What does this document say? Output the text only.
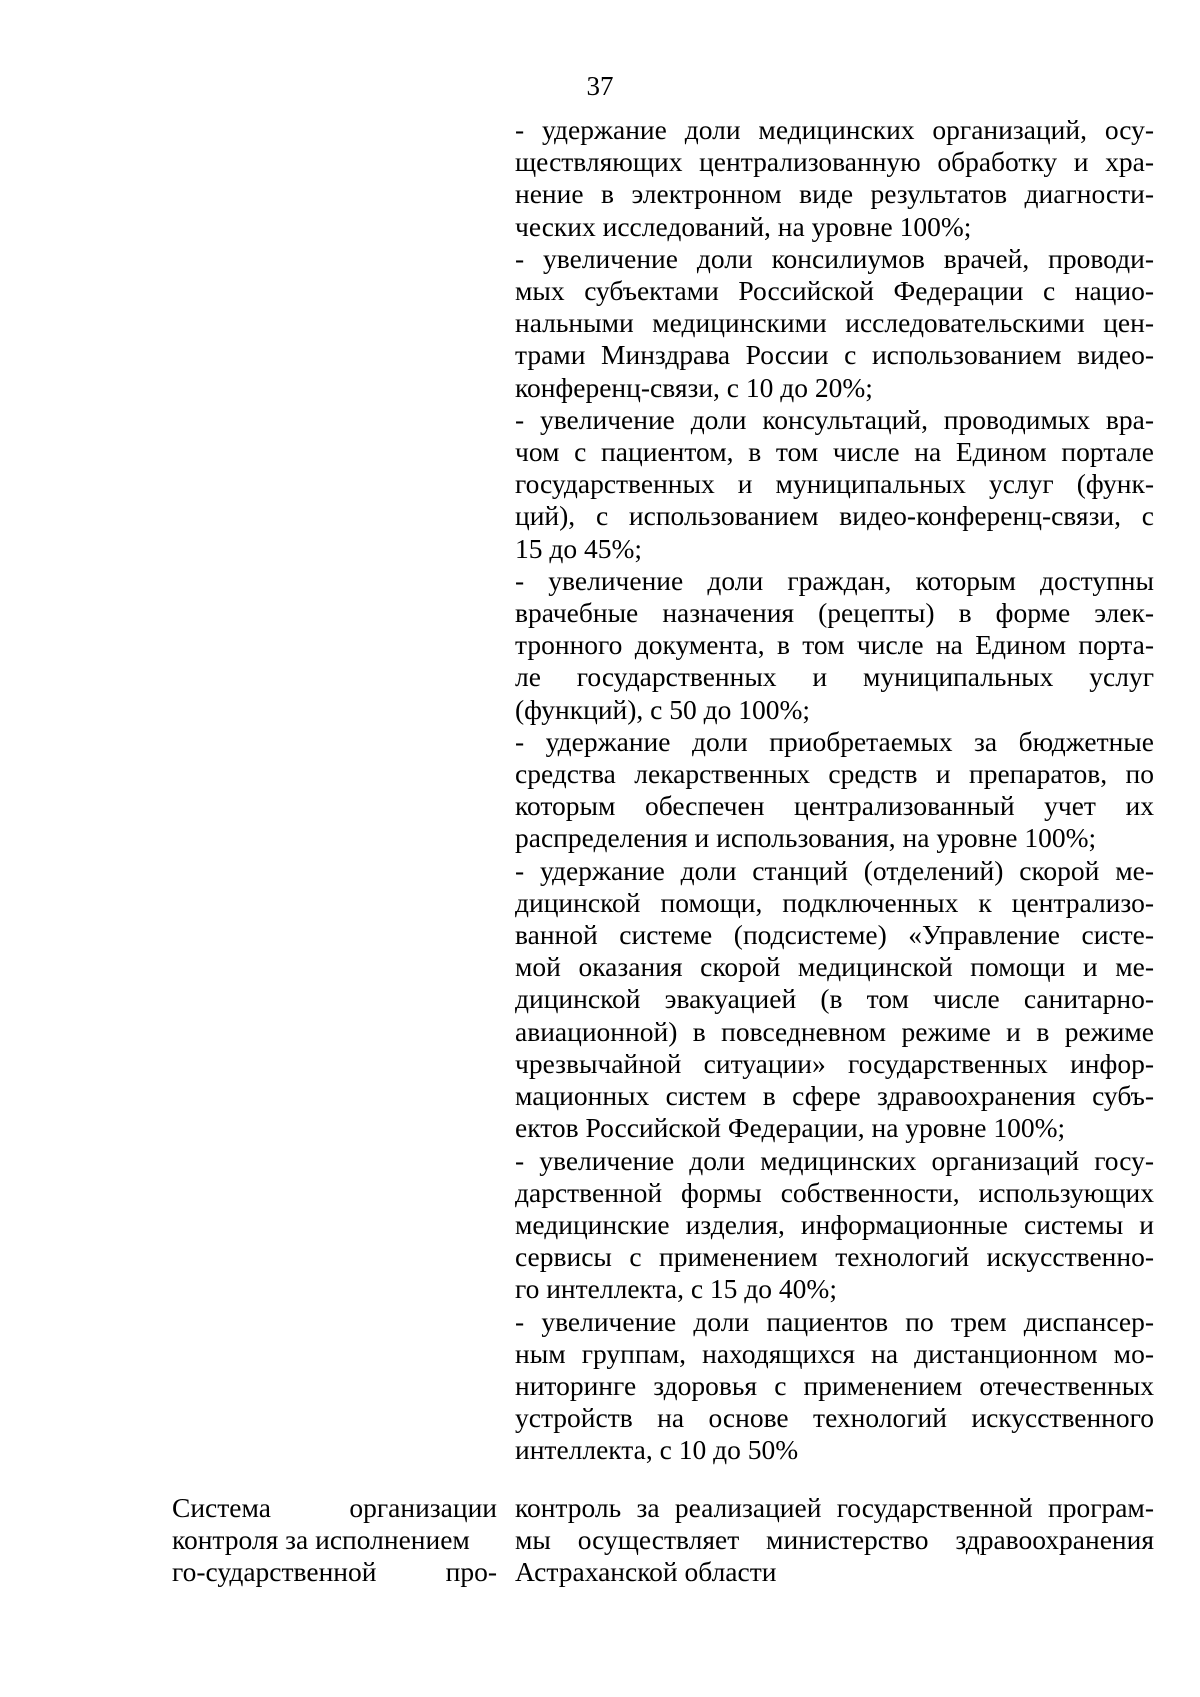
37
- удержание доли медицинских организаций, осу-
ществляющих централизованную обработку и хра-
нение в электронном виде результатов диагности-
ческих исследований, на уровне 100%;
- увеличение доли консилиумов врачей, проводи-
мых субъектами Российской Федерации с нацио-
нальными медицинскими исследовательскими цен-
трами Минздрава России с использованием видео-
конференц-связи, с 10 до 20%;
- увеличение доли консультаций, проводимых вра-
чом с пациентом, в том числе на Едином портале
государственных и муниципальных услуг (функ-
ций), с использованием видео-конференц-связи, с
15 до 45%;
- увеличение доли граждан, которым доступны
врачебные назначения (рецепты) в форме элек-
тронного документа, в том числе на Едином порта-
ле государственных и муниципальных услуг
(функций), с 50 до 100%;
- удержание доли приобретаемых за бюджетные
средства лекарственных средств и препаратов, по
которым обеспечен централизованный учет их
распределения и использования, на уровне 100%;
- удержание доли станций (отделений) скорой ме-
дицинской помощи, подключенных к централизо-
ванной системе (подсистеме) «Управление систе-
мой оказания скорой медицинской помощи и ме-
дицинской эвакуацией (в том числе санитарно-
авиационной) в повседневном режиме и в режиме
чрезвычайной ситуации» государственных инфор-
мационных систем в сфере здравоохранения субъ-
ектов Российской Федерации, на уровне 100%;
- увеличение доли медицинских организаций госу-
дарственной формы собственности, использующих
медицинские изделия, информационные системы и
сервисы с применением технологий искусственно-
го интеллекта, с 15 до 40%;
- увеличение доли пациентов по трем диспансер-
ным группам, находящихся на дистанционном мо-
ниторинге здоровья с применением отечественных
устройств на основе технологий искусственного
интеллекта, с 10 до 50%
Система организации
контроля за исполнением
го-сударственной про-
контроль за реализацией государственной програм-
мы осуществляет министерство здравоохранения
Астраханской области
